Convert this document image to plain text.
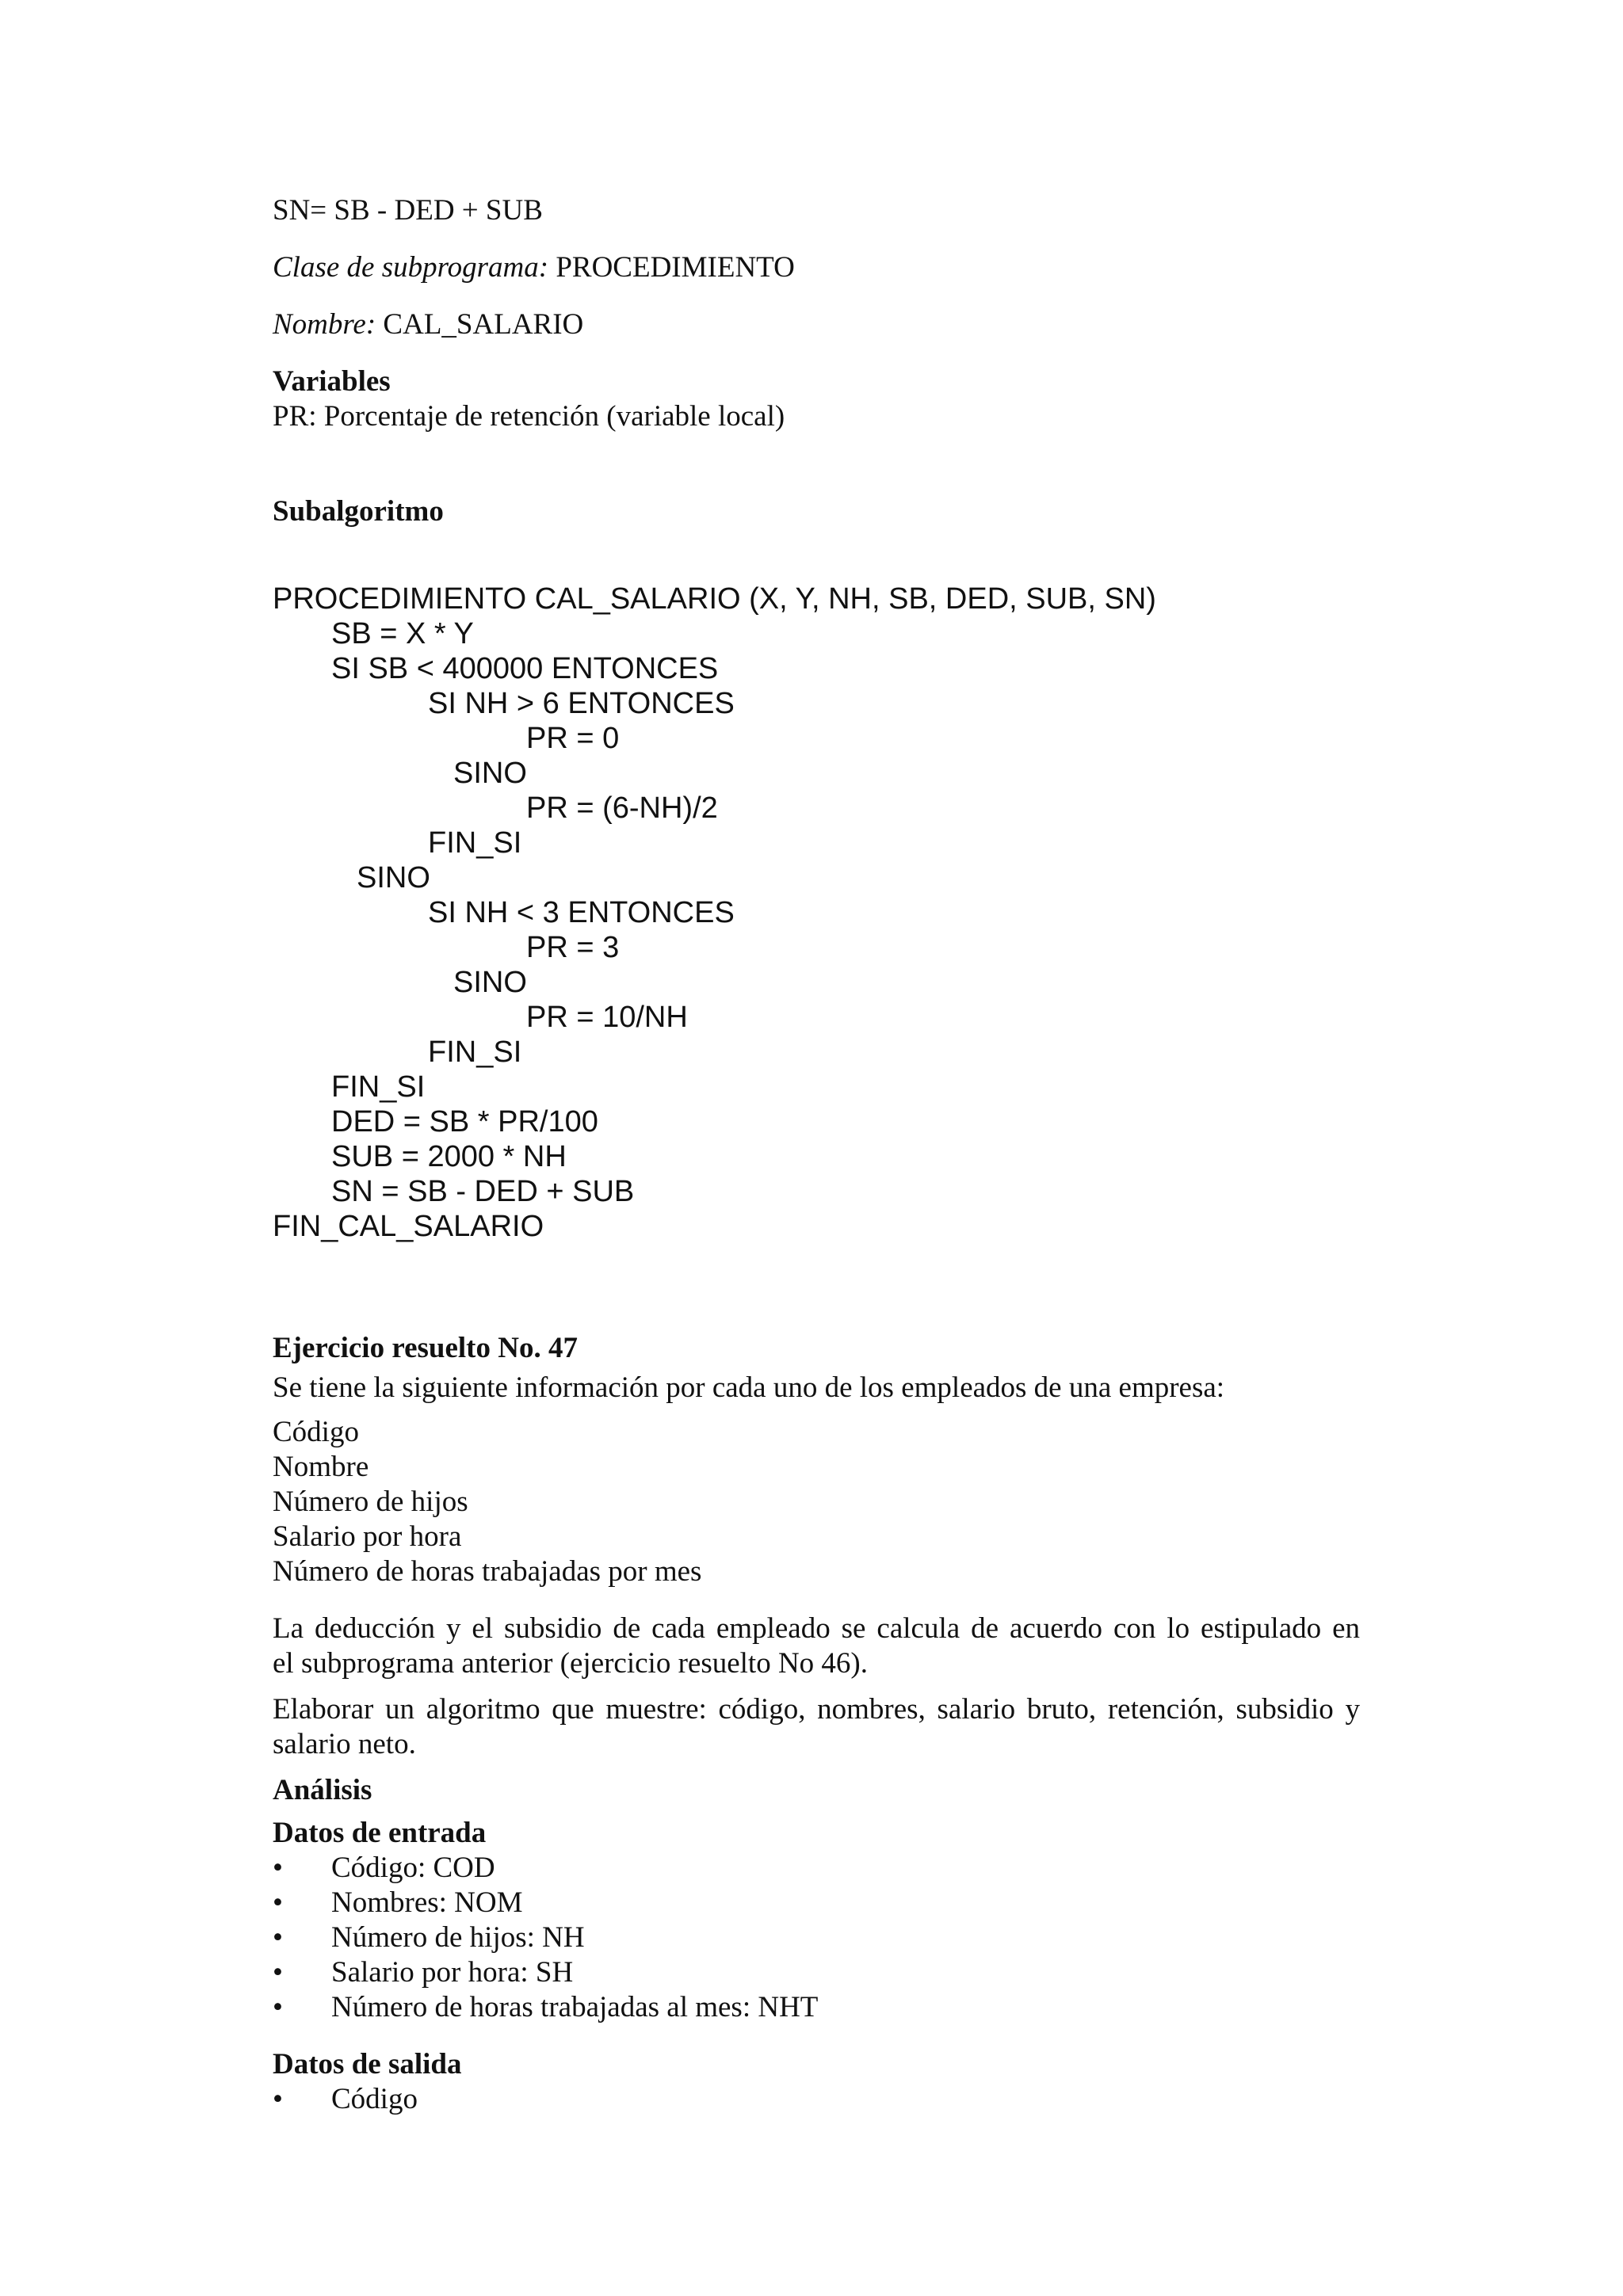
SN= SB - DED + SUB
Clase de subprograma: PROCEDIMIENTO
Nombre: CAL_SALARIO
Variables
PR: Porcentaje de retención (variable local)
Subalgoritmo
PROCEDIMIENTO CAL_SALARIO (X, Y, NH, SB, DED, SUB, SN)
SB = X * Y
SI SB < 400000 ENTONCES
SI NH > 6 ENTONCES
PR = 0
SINO
PR = (6-NH)/2
FIN_SI
SINO
SI NH < 3 ENTONCES
PR = 3
SINO
PR = 10/NH
FIN_SI
FIN_SI
DED = SB * PR/100
SUB = 2000 * NH
SN = SB - DED + SUB
FIN_CAL_SALARIO
Ejercicio resuelto No. 47
Se tiene la siguiente información por cada uno de los empleados de una empresa:
Código
Nombre
Número de hijos
Salario por hora
Número de horas trabajadas por mes
La deducción y el subsidio de cada empleado se calcula de acuerdo con lo estipulado en
el subprograma anterior (ejercicio resuelto No 46).
Elaborar un algoritmo que muestre: código, nombres, salario bruto, retención, subsidio y
salario neto.
Análisis
Datos de entrada
• Código: COD
• Nombres: NOM
• Número de hijos: NH
• Salario por hora: SH
• Número de horas trabajadas al mes: NHT
Datos de salida
• Código
